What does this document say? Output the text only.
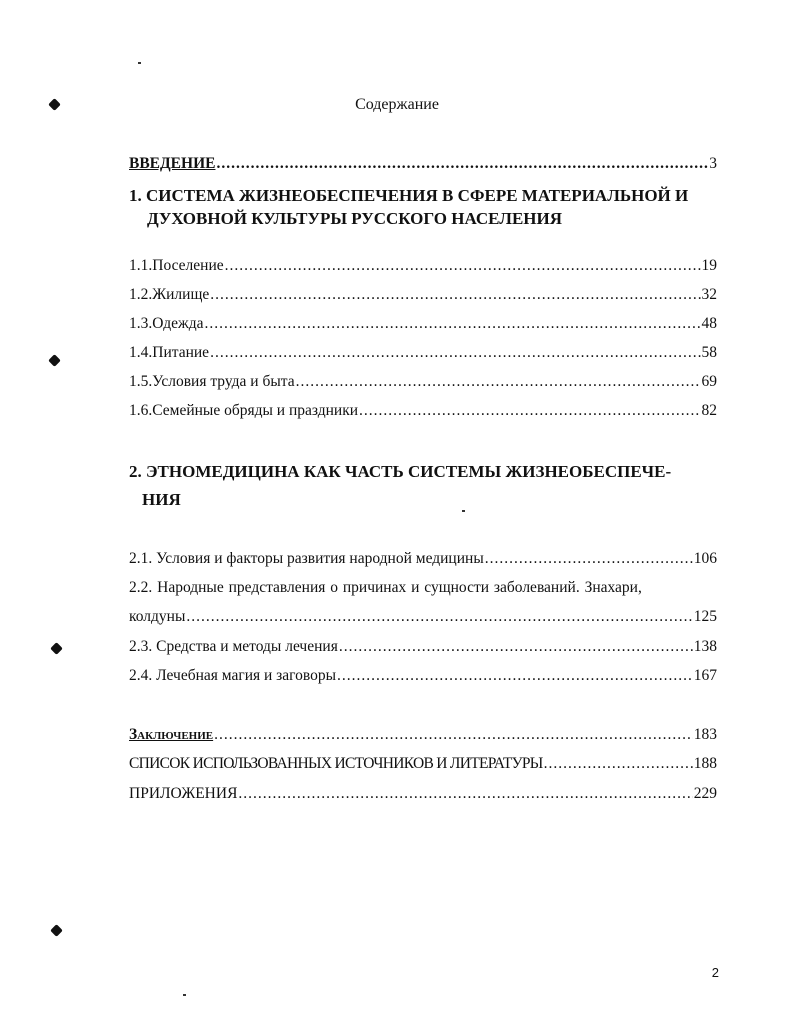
Содержание
ВВЕДЕНИЕ .....	3
1. СИСТЕМА ЖИЗНЕОБЕСПЕЧЕНИЯ В СФЕРЕ МАТЕРИАЛЬНОЙ И
ДУХОВНОЙ КУЛЬТУРЫ РУССКОГО НАСЕЛЕНИЯ
1.1. Поселение .....	19
1.2. Жилище .....	32
1.3. Одежда .....	48
1.4. Питание .....	58
1.5. Условия труда и быта .....	69
1.6. Семейные обряды и праздники .....	82
2. ЭТНОМЕДИЦИНА КАК ЧАСТЬ СИСТЕМЫ ЖИЗНЕОБЕСПЕЧЕ-
НИЯ
2.1. Условия и факторы развития народной медицины .....	106
2.2. Народные представления о причинах и сущности заболеваний. Знахари,
колдуны .....	125
2.3. Средства и методы лечения .....	138
2.4. Лечебная магия и заговоры .....	167
Заключение .....	183
СПИСОК ИСПОЛЬЗОВАННЫХ ИСТОЧНИКОВ И ЛИТЕРАТУРЫ .....	188
ПРИЛОЖЕНИЯ .....	229
2
